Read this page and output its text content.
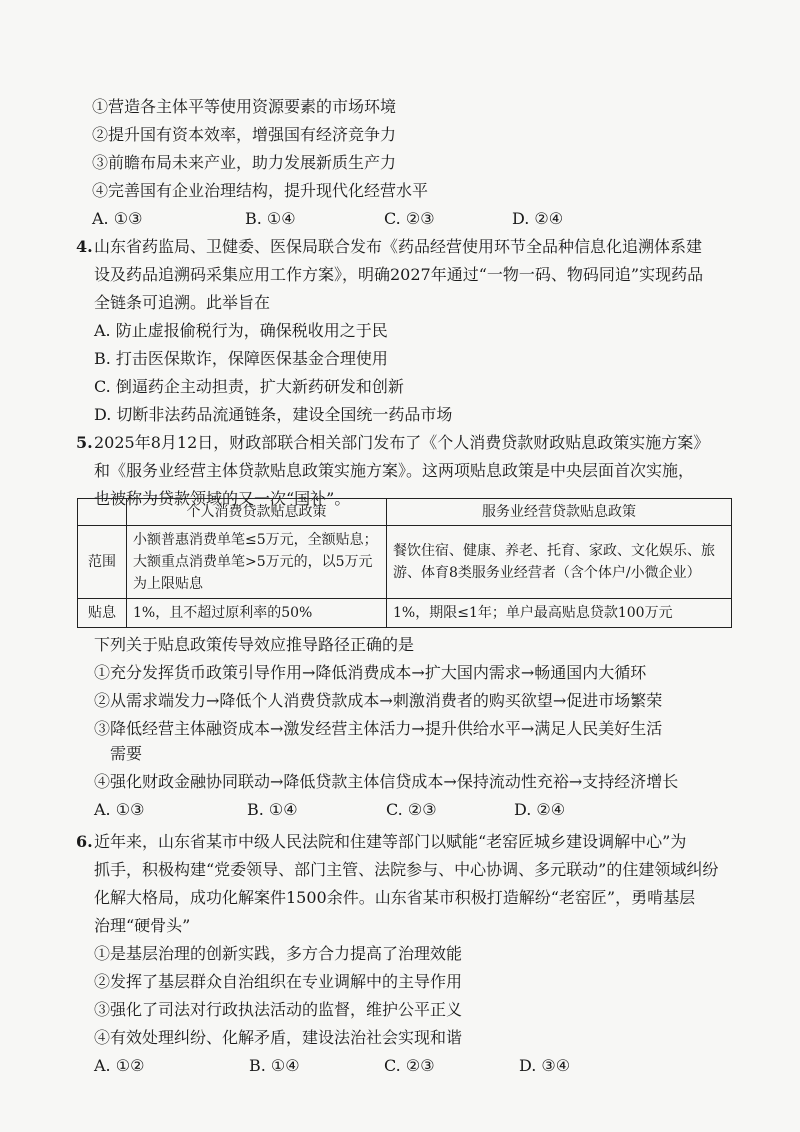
①营造各主体平等使用资源要素的市场环境
②提升国有资本效率，增强国有经济竞争力
③前瞻布局未来产业，助力发展新质生产力
④完善国有企业治理结构，提升现代化经营水平
A. ①③	B. ①④	C. ②③	D. ②④
4. 山东省药监局、卫健委、医保局联合发布《药品经营使用环节全品种信息化追溯体系建
设及药品追溯码采集应用工作方案》，明确2027年通过“一物一码、物码同追”实现药品
全链条可追溯。此举旨在
A. 防止虚报偷税行为，确保税收用之于民
B. 打击医保欺诈，保障医保基金合理使用
C. 倒逼药企主动担责，扩大新药研发和创新
D. 切断非法药品流通链条，建设全国统一药品市场
5. 2025年8月12日，财政部联合相关部门发布了《个人消费贷款财政贴息政策实施方案》
和《服务业经营主体贷款贴息政策实施方案》。这两项贴息政策是中央层面首次实施，
也被称为贷款领域的又一次“国补”。
	个人消费贷款贴息政策	服务业经营贷款贴息政策
范围	小额普惠消费单笔≤5万元，全额贴息；大额重点消费单笔>5万元的，以5万元为上限贴息	餐饮住宿、健康、养老、托育、家政、文化娱乐、旅游、体育8类服务业经营者（含个体户/小微企业）
贴息	1%，且不超过原利率的50%	1%，期限≤1年；单户最高贴息贷款100万元
下列关于贴息政策传导效应推导路径正确的是
①充分发挥货币政策引导作用→降低消费成本→扩大国内需求→畅通国内大循环
②从需求端发力→降低个人消费贷款成本→刺激消费者的购买欲望→促进市场繁荣
③降低经营主体融资成本→激发经营主体活力→提升供给水平→满足人民美好生活
需要
④强化财政金融协同联动→降低贷款主体信贷成本→保持流动性充裕→支持经济增长
A. ①③	B. ①④	C. ②③	D. ②④
6. 近年来，山东省某市中级人民法院和住建等部门以赋能“老窑匠城乡建设调解中心”为
抓手，积极构建“党委领导、部门主管、法院参与、中心协调、多元联动”的住建领域纠纷
化解大格局，成功化解案件1500余件。山东省某市积极打造解纷“老窑匠”，勇啃基层
治理“硬骨头”
①是基层治理的创新实践，多方合力提高了治理效能
②发挥了基层群众自治组织在专业调解中的主导作用
③强化了司法对行政执法活动的监督，维护公平正义
④有效处理纠纷、化解矛盾，建设法治社会实现和谐
A. ①②	B. ①④	C. ②③	D. ③④
